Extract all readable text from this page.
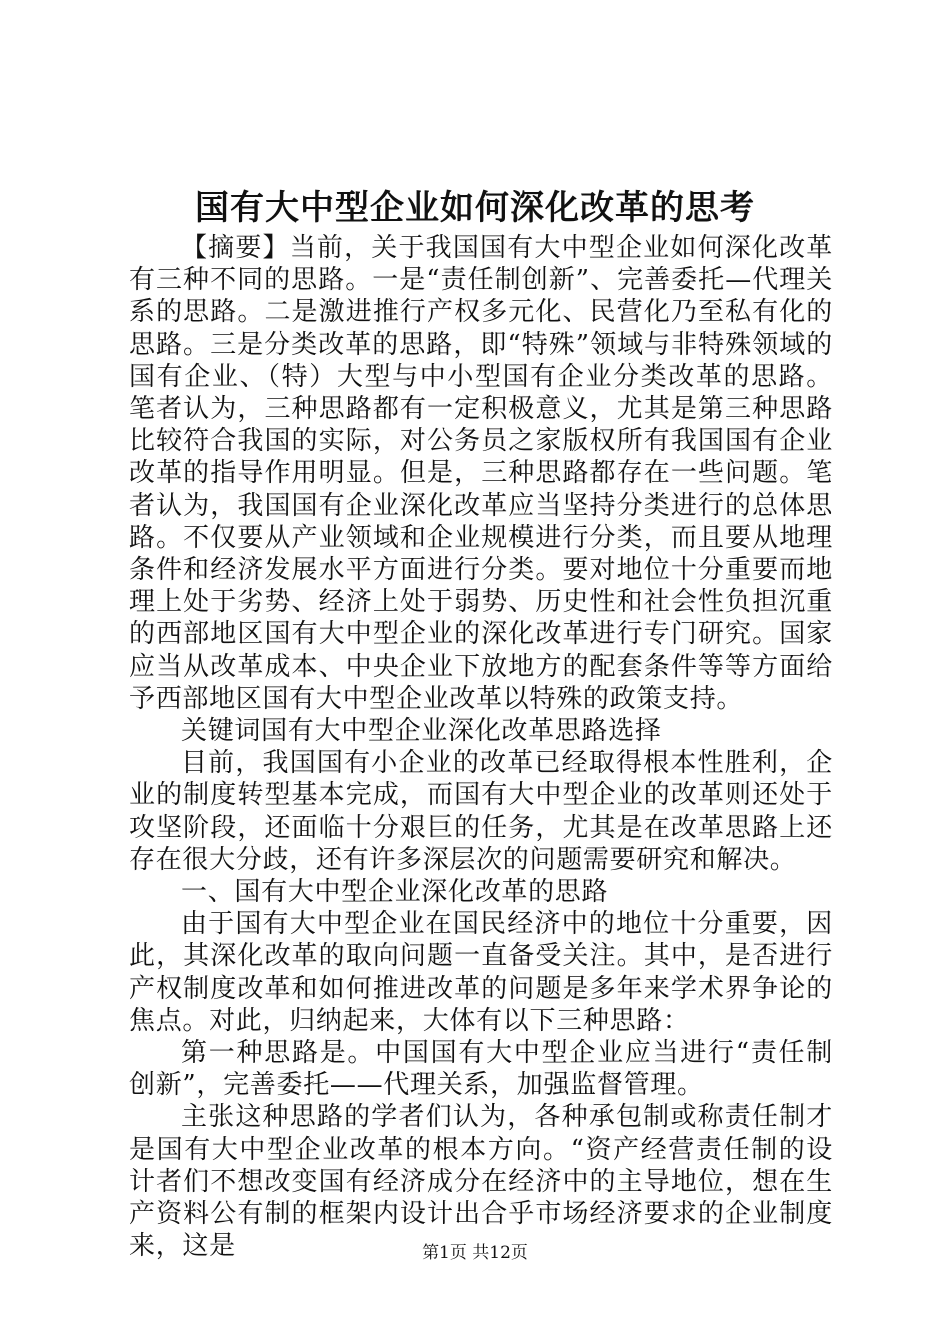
国有大中型企业如何深化改革的思考

【摘要】当前，关于我国国有大中型企业如何深化改革有三种不同的思路。一是“责任制创新”、完善委托—代理关系的思路。二是激进推行产权多元化、民营化乃至私有化的思路。三是分类改革的思路，即“特殊”领域与非特殊领域的国有企业、（特）大型与中小型国有企业分类改革的思路。笔者认为，三种思路都有一定积极意义，尤其是第三种思路比较符合我国的实际，对公务员之家版权所有我国国有企业改革的指导作用明显。但是，三种思路都存在一些问题。笔者认为，我国国有企业深化改革应当坚持分类进行的总体思路。不仅要从产业领域和企业规模进行分类，而且要从地理条件和经济发展水平方面进行分类。要对地位十分重要而地理上处于劣势、经济上处于弱势、历史性和社会性负担沉重的西部地区国有大中型企业的深化改革进行专门研究。国家应当从改革成本、中央企业下放地方的配套条件等等方面给予西部地区国有大中型企业改革以特殊的政策支持。

关键词国有大中型企业深化改革思路选择

目前，我国国有小企业的改革已经取得根本性胜利，企业的制度转型基本完成，而国有大中型企业的改革则还处于攻坚阶段，还面临十分艰巨的任务，尤其是在改革思路上还存在很大分歧，还有许多深层次的问题需要研究和解决。

一、国有大中型企业深化改革的思路

由于国有大中型企业在国民经济中的地位十分重要，因此，其深化改革的取向问题一直备受关注。其中，是否进行产权制度改革和如何推进改革的问题是多年来学术界争论的焦点。对此，归纳起来，大体有以下三种思路：

第一种思路是。中国国有大中型企业应当进行“责任制创新”，完善委托——代理关系，加强监督管理。

主张这种思路的学者们认为，各种承包制或称责任制才是国有大中型企业改革的根本方向。“资产经营责任制的设计者们不想改变国有经济成分在经济中的主导地位，想在生产资料公有制的框架内设计出合乎市场经济要求的企业制度来，这是	第1页 共12页
